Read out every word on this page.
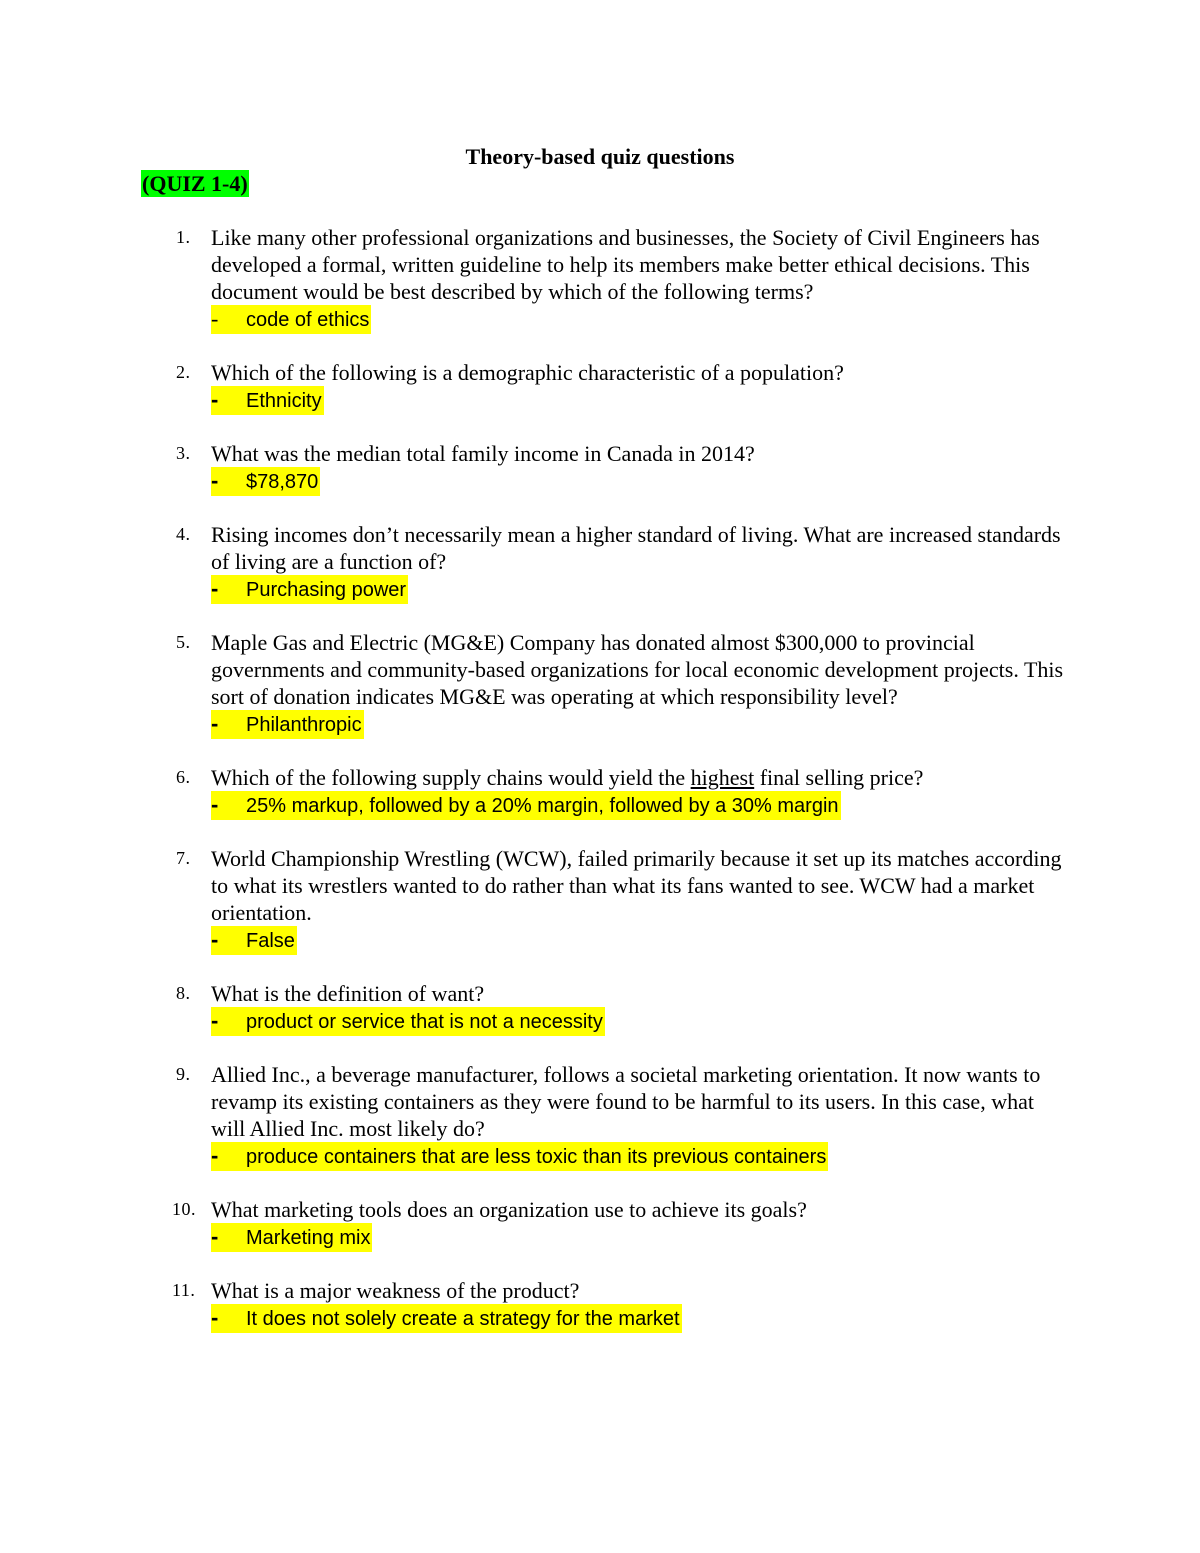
Theory-based quiz questions
(QUIZ 1-4)
1. Like many other professional organizations and businesses, the Society of Civil Engineers has developed a formal, written guideline to help its members make better ethical decisions. This document would be best described by which of the following terms?
- code of ethics
2. Which of the following is a demographic characteristic of a population?
- Ethnicity
3. What was the median total family income in Canada in 2014?
- $78,870
4. Rising incomes don’t necessarily mean a higher standard of living. What are increased standards of living are a function of?
- Purchasing power
5. Maple Gas and Electric (MG&E) Company has donated almost $300,000 to provincial governments and community-based organizations for local economic development projects. This sort of donation indicates MG&E was operating at which responsibility level?
- Philanthropic
6. Which of the following supply chains would yield the highest final selling price?
- 25% markup, followed by a 20% margin, followed by a 30% margin
7. World Championship Wrestling (WCW), failed primarily because it set up its matches according to what its wrestlers wanted to do rather than what its fans wanted to see. WCW had a market orientation.
- False
8. What is the definition of want?
- product or service that is not a necessity
9. Allied Inc., a beverage manufacturer, follows a societal marketing orientation. It now wants to revamp its existing containers as they were found to be harmful to its users. In this case, what will Allied Inc. most likely do?
- produce containers that are less toxic than its previous containers
10. What marketing tools does an organization use to achieve its goals?
- Marketing mix
11. What is a major weakness of the product?
- It does not solely create a strategy for the market
